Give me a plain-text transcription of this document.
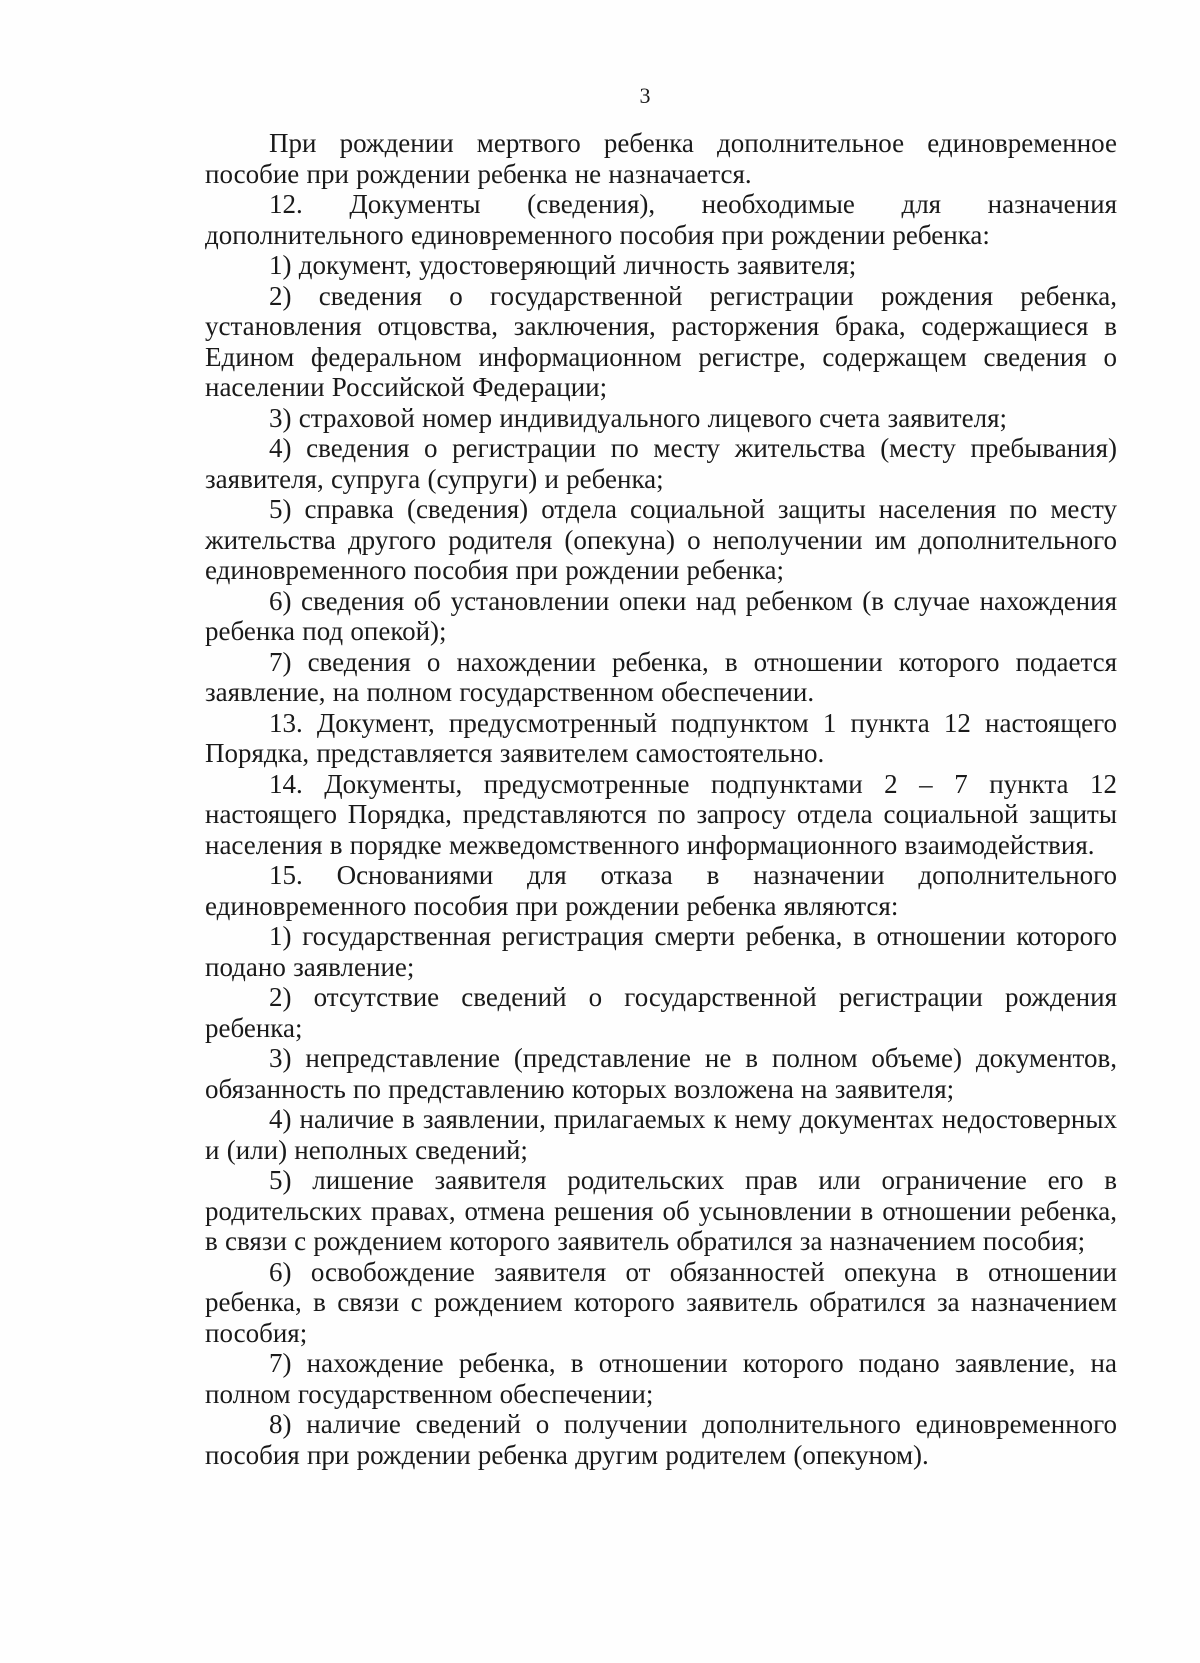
3

При рождении мертвого ребенка дополнительное единовременное пособие при рождении ребенка не назначается.

12. Документы (сведения), необходимые для назначения дополнительного единовременного пособия при рождении ребенка:

1) документ, удостоверяющий личность заявителя;

2) сведения о государственной регистрации рождения ребенка, установления отцовства, заключения, расторжения брака, содержащиеся в Едином федеральном информационном регистре, содержащем сведения о населении Российской Федерации;

3) страховой номер индивидуального лицевого счета заявителя;

4) сведения о регистрации по месту жительства (месту пребывания) заявителя, супруга (супруги) и ребенка;

5) справка (сведения) отдела социальной защиты населения по месту жительства другого родителя (опекуна) о неполучении им дополнительного единовременного пособия при рождении ребенка;

6) сведения об установлении опеки над ребенком (в случае нахождения ребенка под опекой);

7) сведения о нахождении ребенка, в отношении которого подается заявление, на полном государственном обеспечении.

13. Документ, предусмотренный подпунктом 1 пункта 12 настоящего Порядка, представляется заявителем самостоятельно.

14. Документы, предусмотренные подпунктами 2 – 7 пункта 12 настоящего Порядка, представляются по запросу отдела социальной защиты населения в порядке межведомственного информационного взаимодействия.

15. Основаниями для отказа в назначении дополнительного единовременного пособия при рождении ребенка являются:

1) государственная регистрация смерти ребенка, в отношении которого подано заявление;

2) отсутствие сведений о государственной регистрации рождения ребенка;

3) непредставление (представление не в полном объеме) документов, обязанность по представлению которых возложена на заявителя;

4) наличие в заявлении, прилагаемых к нему документах недостоверных и (или) неполных сведений;

5) лишение заявителя родительских прав или ограничение его в родительских правах, отмена решения об усыновлении в отношении ребенка, в связи с рождением которого заявитель обратился за назначением пособия;

6) освобождение заявителя от обязанностей опекуна в отношении ребенка, в связи с рождением которого заявитель обратился за назначением пособия;

7) нахождение ребенка, в отношении которого подано заявление, на полном государственном обеспечении;

8) наличие сведений о получении дополнительного единовременного пособия при рождении ребенка другим родителем (опекуном).
